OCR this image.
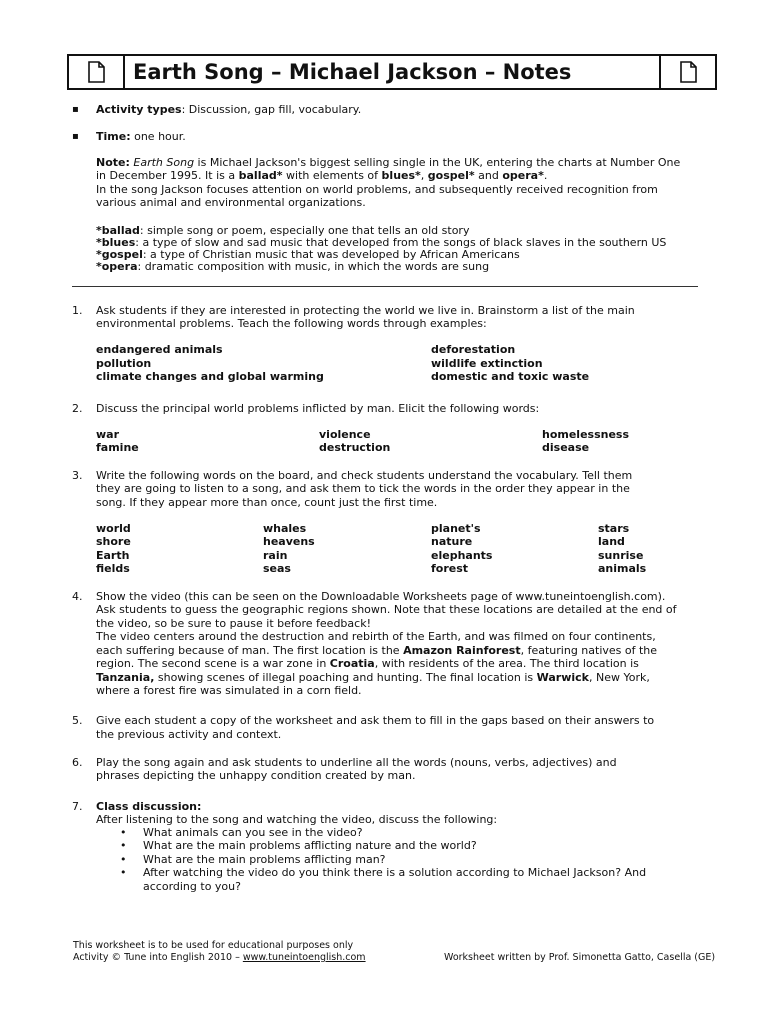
Earth Song – Michael Jackson – Notes
▪ Activity types: Discussion, gap fill, vocabulary.
▪ Time: one hour.
Note: Earth Song is Michael Jackson's biggest selling single in the UK, entering the charts at Number One
in December 1995. It is a ballad* with elements of blues*, gospel* and opera*.
In the song Jackson focuses attention on world problems, and subsequently received recognition from
various animal and environmental organizations.
*ballad: simple song or poem, especially one that tells an old story
*blues: a type of slow and sad music that developed from the songs of black slaves in the southern US
*gospel: a type of Christian music that was developed by African Americans
*opera: dramatic composition with music, in which the words are sung
1. Ask students if they are interested in protecting the world we live in. Brainstorm a list of the main
environmental problems. Teach the following words through examples:
endangered animals
pollution
climate changes and global warming
deforestation
wildlife extinction
domestic and toxic waste
2. Discuss the principal world problems inflicted by man. Elicit the following words:
war
famine
violence
destruction
homelessness
disease
3. Write the following words on the board, and check students understand the vocabulary. Tell them
they are going to listen to a song, and ask them to tick the words in the order they appear in the
song. If they appear more than once, count just the first time.
world
shore
Earth
fields
whales
heavens
rain
seas
planet's
nature
elephants
forest
stars
land
sunrise
animals
4. Show the video (this can be seen on the Downloadable Worksheets page of www.tuneintoenglish.com).
Ask students to guess the geographic regions shown. Note that these locations are detailed at the end of
the video, so be sure to pause it before feedback!
The video centers around the destruction and rebirth of the Earth, and was filmed on four continents,
each suffering because of man. The first location is the Amazon Rainforest, featuring natives of the
region. The second scene is a war zone in Croatia, with residents of the area. The third location is
Tanzania, showing scenes of illegal poaching and hunting. The final location is Warwick, New York,
where a forest fire was simulated in a corn field.
5. Give each student a copy of the worksheet and ask them to fill in the gaps based on their answers to
the previous activity and context.
6. Play the song again and ask students to underline all the words (nouns, verbs, adjectives) and
phrases depicting the unhappy condition created by man.
7. Class discussion:
After listening to the song and watching the video, discuss the following:
• What animals can you see in the video?
• What are the main problems afflicting nature and the world?
• What are the main problems afflicting man?
• After watching the video do you think there is a solution according to Michael Jackson? And
according to you?
This worksheet is to be used for educational purposes only
Activity © Tune into English 2010 – www.tuneintoenglish.com	Worksheet written by Prof. Simonetta Gatto, Casella (GE)
